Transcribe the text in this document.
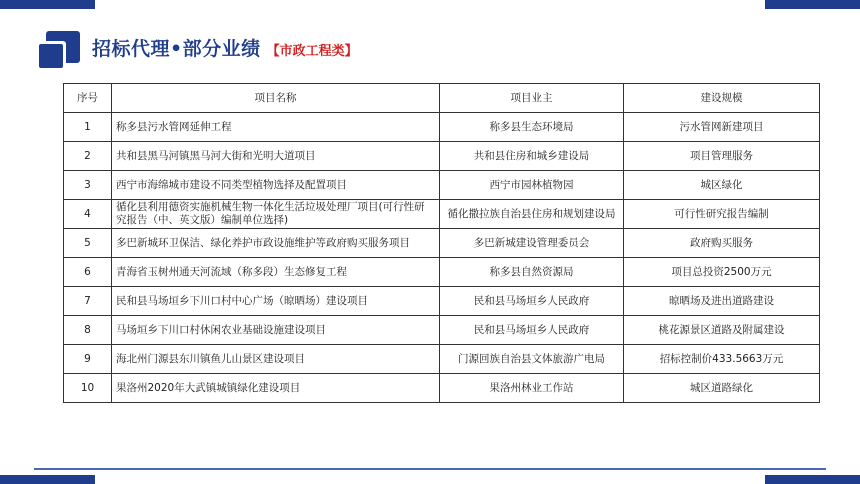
招标代理•部分业绩 【市政工程类】
序号	项目名称	项目业主	建设规模
1	称多县污水管网延伸工程	称多县生态环境局	污水管网新建项目
2	共和县黑马河镇黑马河大街和光明大道项目	共和县住房和城乡建设局	项目管理服务
3	西宁市海绵城市建设不同类型植物选择及配置项目	西宁市园林植物园	城区绿化
4	循化县利用德资实施机械生物一体化生活垃圾处理厂项目(可行性研究报告（中、英文版）编制单位选择)	循化撒拉族自治县住房和规划建设局	可行性研究报告编制
5	多巴新城环卫保洁、绿化养护市政设施维护等政府购买服务项目	多巴新城建设管理委员会	政府购买服务
6	青海省玉树州通天河流域（称多段）生态修复工程	称多县自然资源局	项目总投资2500万元
7	民和县马场垣乡下川口村中心广场（晾晒场）建设项目	民和县马场垣乡人民政府	晾晒场及进出道路建设
8	马场垣乡下川口村休闲农业基础设施建设项目	民和县马场垣乡人民政府	桃花源景区道路及附属建设
9	海北州门源县东川镇鱼儿山景区建设项目	门源回族自治县文体旅游广电局	招标控制价433.5663万元
10	果洛州2020年大武镇城镇绿化建设项目	果洛州林业工作站	城区道路绿化
